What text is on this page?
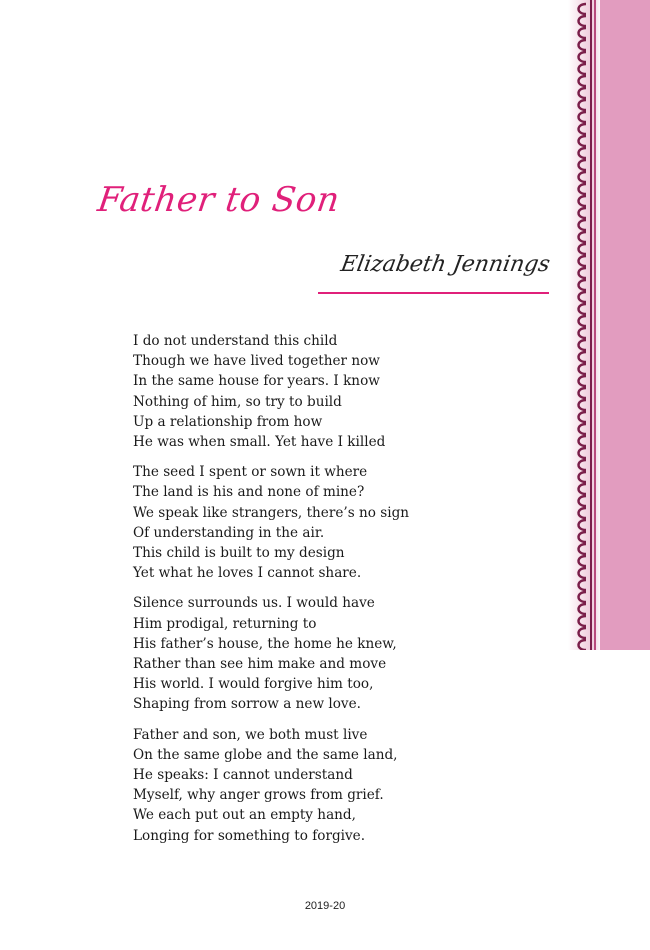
Father to Son
Elizabeth Jennings
I do not understand this child
Though we have lived together now
In the same house for years. I know
Nothing of him, so try to build
Up a relationship from how
He was when small. Yet have I killed
The seed I spent or sown it where
The land is his and none of mine?
We speak like strangers, there’s no sign
Of understanding in the air.
This child is built to my design
Yet what he loves I cannot share.
Silence surrounds us. I would have
Him prodigal, returning to
His father’s house, the home he knew,
Rather than see him make and move
His world. I would forgive him too,
Shaping from sorrow a new love.
Father and son, we both must live
On the same globe and the same land,
He speaks: I cannot understand
Myself, why anger grows from grief.
We each put out an empty hand,
Longing for something to forgive.
2019-20
